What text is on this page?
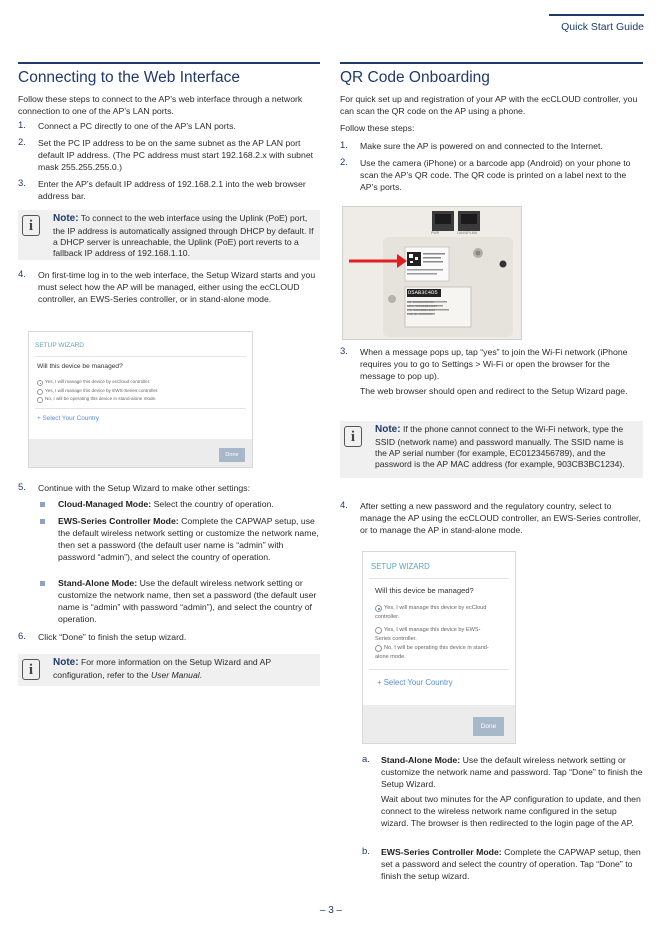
Quick Start Guide
Connecting to the Web Interface
Follow these steps to connect to the AP’s web interface through a network connection to one of the AP’s LAN ports.
1. Connect a PC directly to one of the AP’s LAN ports.
2. Set the PC IP address to be on the same subnet as the AP LAN port default IP address. (The PC address must start 192.168.2.x with subnet mask 255.255.255.0.)
3. Enter the AP’s default IP address of 192.168.2.1 into the web browser address bar.
i	Note: To connect to the web interface using the Uplink (PoE) port, the IP address is automatically assigned through DHCP by default. If a DHCP server is unreachable, the Uplink (PoE) port reverts to a fallback IP address of 192.168.1.10.
4. On first-time log in to the web interface, the Setup Wizard starts and you must select how the AP will be managed, either using the ecCLOUD controller, an EWS-Series controller, or in stand-alone mode.
SETUP WIZARD
Will this device be managed?
Yes, I will manage this device by ecCloud controller.
Yes, I will manage this device by EWS-Series controller.
No, I will be operating this device in stand-alone mode.
+ Select Your Country
Done
5. Continue with the Setup Wizard to make other settings:
Cloud-Managed Mode: Select the country of operation.
EWS-Series Controller Mode: Complete the CAPWAP setup, use the default wireless network setting or customize the network name, then set a password (the default user name is “admin” with password “admin”), and select the country of operation.
Stand-Alone Mode: Use the default wireless network setting or customize the network name, then set a password (the default user name is “admin” with password “admin”), and select the country of operation.
6. Click “Done” to finish the setup wizard.
i	Note: For more information on the Setup Wizard and AP configuration, refer to the User Manual.
QR Code Onboarding
For quick set up and registration of your AP with the ecCLOUD controller, you can scan the QR code on the AP using a phone.
Follow these steps:
1. Make sure the AP is powered on and connected to the Internet.
2. Use the camera (iPhone) or a barcode app (Android) on your phone to scan the AP’s QR code. The QR code is printed on a label next to the AP’s ports.
PWR	LAN/UPLINK
D5AB3C4D5
SN: EC0123456789
MAC: 903CB3BC1234
PW: 903CB3BC1234
FCC ID: XXXXXXX
3. When a message pops up, tap “yes” to join the Wi-Fi network (iPhone requires you to go to Settings > Wi-Fi or open the browser for the message to pop up).
The web browser should open and redirect to the Setup Wizard page.
i	Note: If the phone cannot connect to the Wi-Fi network, type the SSID (network name) and password manually. The SSID name is the AP serial number (for example, EC0123456789), and the password is the AP MAC address (for example, 903CB3BC1234).
4. After setting a new password and the regulatory country, select to manage the AP using the ecCLOUD controller, an EWS-Series controller, or to manage the AP in stand-alone mode.
SETUP WIZARD
Will this device be managed?
Yes, I will manage this device by ecCloud controller.
Yes, I will manage this device by EWS-Series controller.
No, I will be operating this device in stand-alone mode.
+ Select Your Country
Done
a. Stand-Alone Mode: Use the default wireless network setting or customize the network name and password. Tap “Done” to finish the Setup Wizard.
Wait about two minutes for the AP configuration to update, and then connect to the wireless network name configured in the setup wizard. The browser is then redirected to the login page of the AP.
b. EWS-Series Controller Mode: Complete the CAPWAP setup, then set a password and select the country of operation. Tap “Done” to finish the setup wizard.
– 3 –
